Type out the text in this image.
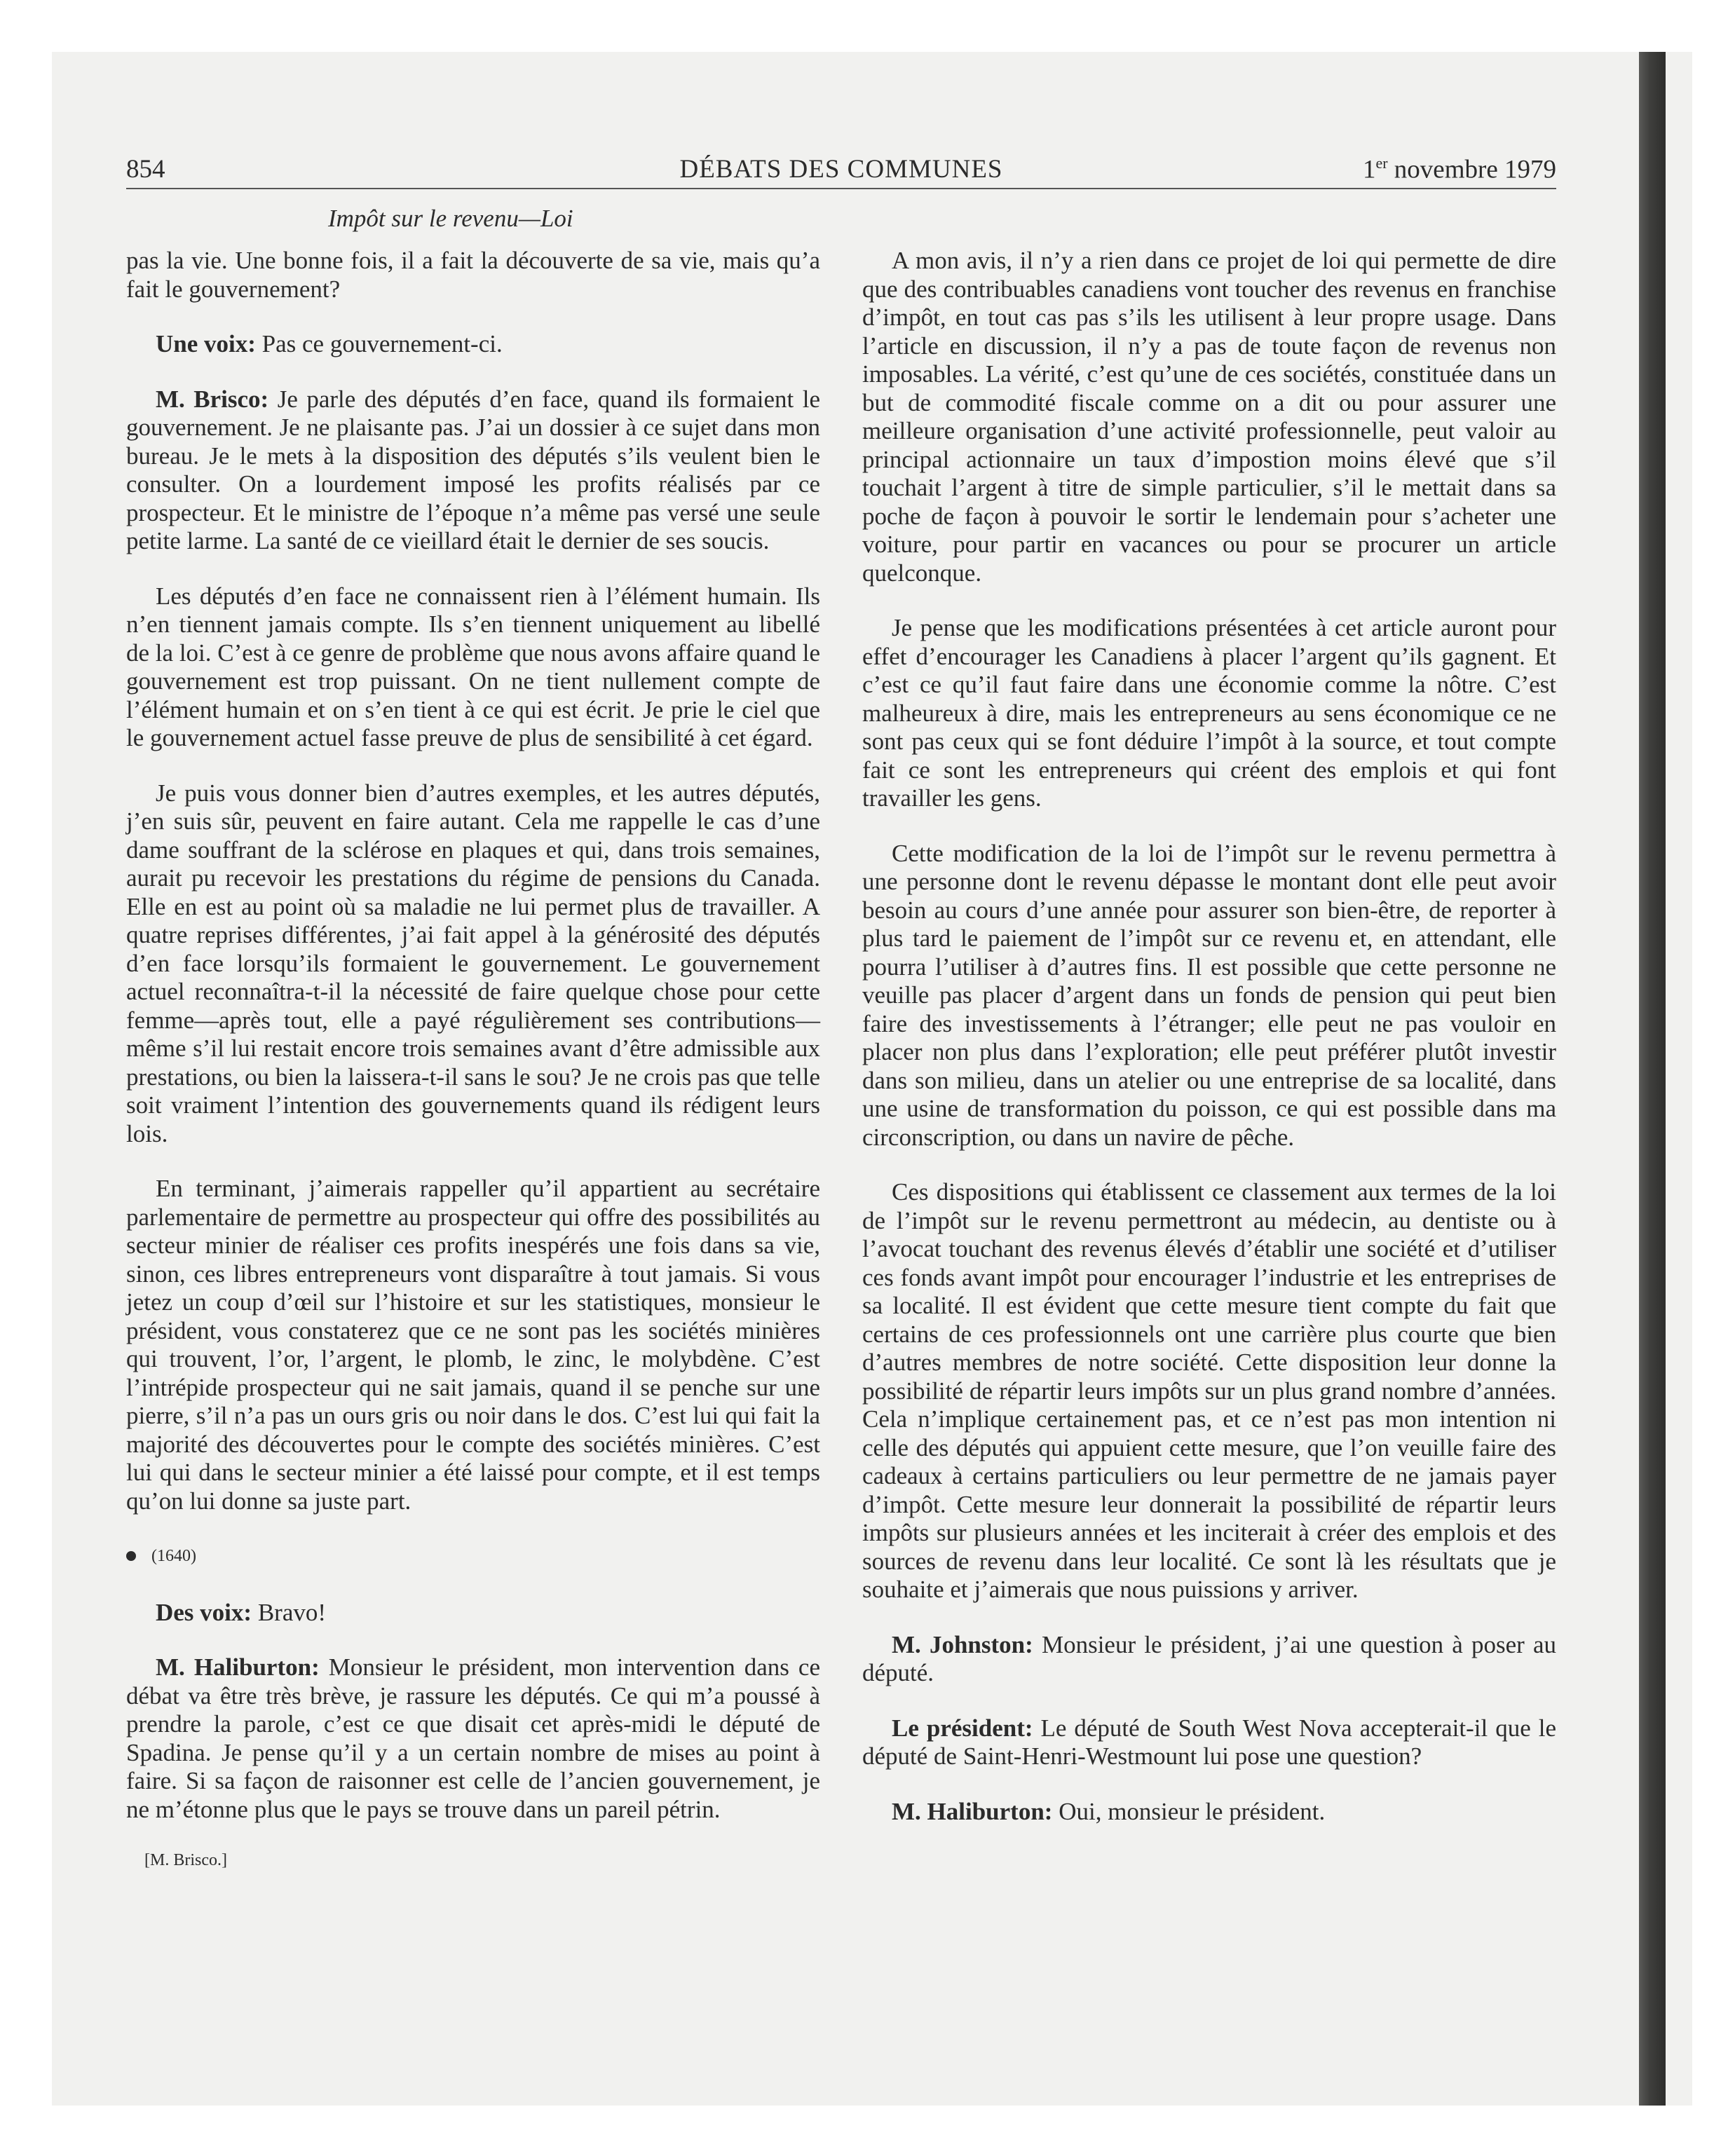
854	DÉBATS DES COMMUNES	1er novembre 1979
Impôt sur le revenu—Loi

pas la vie. Une bonne fois, il a fait la découverte de sa vie, mais qu’a fait le gouvernement?

Une voix: Pas ce gouvernement-ci.

M. Brisco: Je parle des députés d’en face, quand ils formaient le gouvernement. Je ne plaisante pas. J’ai un dossier à ce sujet dans mon bureau. Je le mets à la disposition des députés s’ils veulent bien le consulter. On a lourdement imposé les profits réalisés par ce prospecteur. Et le ministre de l’époque n’a même pas versé une seule petite larme. La santé de ce vieillard était le dernier de ses soucis.

Les députés d’en face ne connaissent rien à l’élément humain. Ils n’en tiennent jamais compte. Ils s’en tiennent uniquement au libellé de la loi. C’est à ce genre de problème que nous avons affaire quand le gouvernement est trop puissant. On ne tient nullement compte de l’élément humain et on s’en tient à ce qui est écrit. Je prie le ciel que le gouvernement actuel fasse preuve de plus de sensibilité à cet égard.

Je puis vous donner bien d’autres exemples, et les autres députés, j’en suis sûr, peuvent en faire autant. Cela me rappelle le cas d’une dame souffrant de la sclérose en plaques et qui, dans trois semaines, aurait pu recevoir les prestations du régime de pensions du Canada. Elle en est au point où sa maladie ne lui permet plus de travailler. A quatre reprises différentes, j’ai fait appel à la générosité des députés d’en face lorsqu’ils formaient le gouvernement. Le gouvernement actuel reconnaîtra-t-il la nécessité de faire quelque chose pour cette femme—après tout, elle a payé régulièrement ses contributions—même s’il lui restait encore trois semaines avant d’être admissible aux prestations, ou bien la laissera-t-il sans le sou? Je ne crois pas que telle soit vraiment l’intention des gouvernements quand ils rédigent leurs lois.

En terminant, j’aimerais rappeller qu’il appartient au secrétaire parlementaire de permettre au prospecteur qui offre des possibilités au secteur minier de réaliser ces profits inespérés une fois dans sa vie, sinon, ces libres entrepreneurs vont disparaître à tout jamais. Si vous jetez un coup d’œil sur l’histoire et sur les statistiques, monsieur le président, vous constaterez que ce ne sont pas les sociétés minières qui trouvent, l’or, l’argent, le plomb, le zinc, le molybdène. C’est l’intrépide prospecteur qui ne sait jamais, quand il se penche sur une pierre, s’il n’a pas un ours gris ou noir dans le dos. C’est lui qui fait la majorité des découvertes pour le compte des sociétés minières. C’est lui qui dans le secteur minier a été laissé pour compte, et il est temps qu’on lui donne sa juste part.

(1640)

Des voix: Bravo!

M. Haliburton: Monsieur le président, mon intervention dans ce débat va être très brève, je rassure les députés. Ce qui m’a poussé à prendre la parole, c’est ce que disait cet après-midi le député de Spadina. Je pense qu’il y a un certain nombre de mises au point à faire. Si sa façon de raisonner est celle de l’ancien gouvernement, je ne m’étonne plus que le pays se trouve dans un pareil pétrin.

[M. Brisco.]

A mon avis, il n’y a rien dans ce projet de loi qui permette de dire que des contribuables canadiens vont toucher des revenus en franchise d’impôt, en tout cas pas s’ils les utilisent à leur propre usage. Dans l’article en discussion, il n’y a pas de toute façon de revenus non imposables. La vérité, c’est qu’une de ces sociétés, constituée dans un but de commodité fiscale comme on a dit ou pour assurer une meilleure organisation d’une activité professionnelle, peut valoir au principal actionnaire un taux d’impostion moins élevé que s’il touchait l’argent à titre de simple particulier, s’il le mettait dans sa poche de façon à pouvoir le sortir le lendemain pour s’acheter une voiture, pour partir en vacances ou pour se procurer un article quelconque.

Je pense que les modifications présentées à cet article auront pour effet d’encourager les Canadiens à placer l’argent qu’ils gagnent. Et c’est ce qu’il faut faire dans une économie comme la nôtre. C’est malheureux à dire, mais les entrepreneurs au sens économique ce ne sont pas ceux qui se font déduire l’impôt à la source, et tout compte fait ce sont les entrepreneurs qui créent des emplois et qui font travailler les gens.

Cette modification de la loi de l’impôt sur le revenu permettra à une personne dont le revenu dépasse le montant dont elle peut avoir besoin au cours d’une année pour assurer son bien-être, de reporter à plus tard le paiement de l’impôt sur ce revenu et, en attendant, elle pourra l’utiliser à d’autres fins. Il est possible que cette personne ne veuille pas placer d’argent dans un fonds de pension qui peut bien faire des investissements à l’étranger; elle peut ne pas vouloir en placer non plus dans l’exploration; elle peut préférer plutôt investir dans son milieu, dans un atelier ou une entreprise de sa localité, dans une usine de transformation du poisson, ce qui est possible dans ma circonscription, ou dans un navire de pêche.

Ces dispositions qui établissent ce classement aux termes de la loi de l’impôt sur le revenu permettront au médecin, au dentiste ou à l’avocat touchant des revenus élevés d’établir une société et d’utiliser ces fonds avant impôt pour encourager l’industrie et les entreprises de sa localité. Il est évident que cette mesure tient compte du fait que certains de ces professionnels ont une carrière plus courte que bien d’autres membres de notre société. Cette disposition leur donne la possibilité de répartir leurs impôts sur un plus grand nombre d’années. Cela n’implique certainement pas, et ce n’est pas mon intention ni celle des députés qui appuient cette mesure, que l’on veuille faire des cadeaux à certains particuliers ou leur permettre de ne jamais payer d’impôt. Cette mesure leur donnerait la possibilité de répartir leurs impôts sur plusieurs années et les inciterait à créer des emplois et des sources de revenu dans leur localité. Ce sont là les résultats que je souhaite et j’aimerais que nous puissions y arriver.

M. Johnston: Monsieur le président, j’ai une question à poser au député.

Le président: Le député de South West Nova accepterait-il que le député de Saint-Henri-Westmount lui pose une question?

M. Haliburton: Oui, monsieur le président.
